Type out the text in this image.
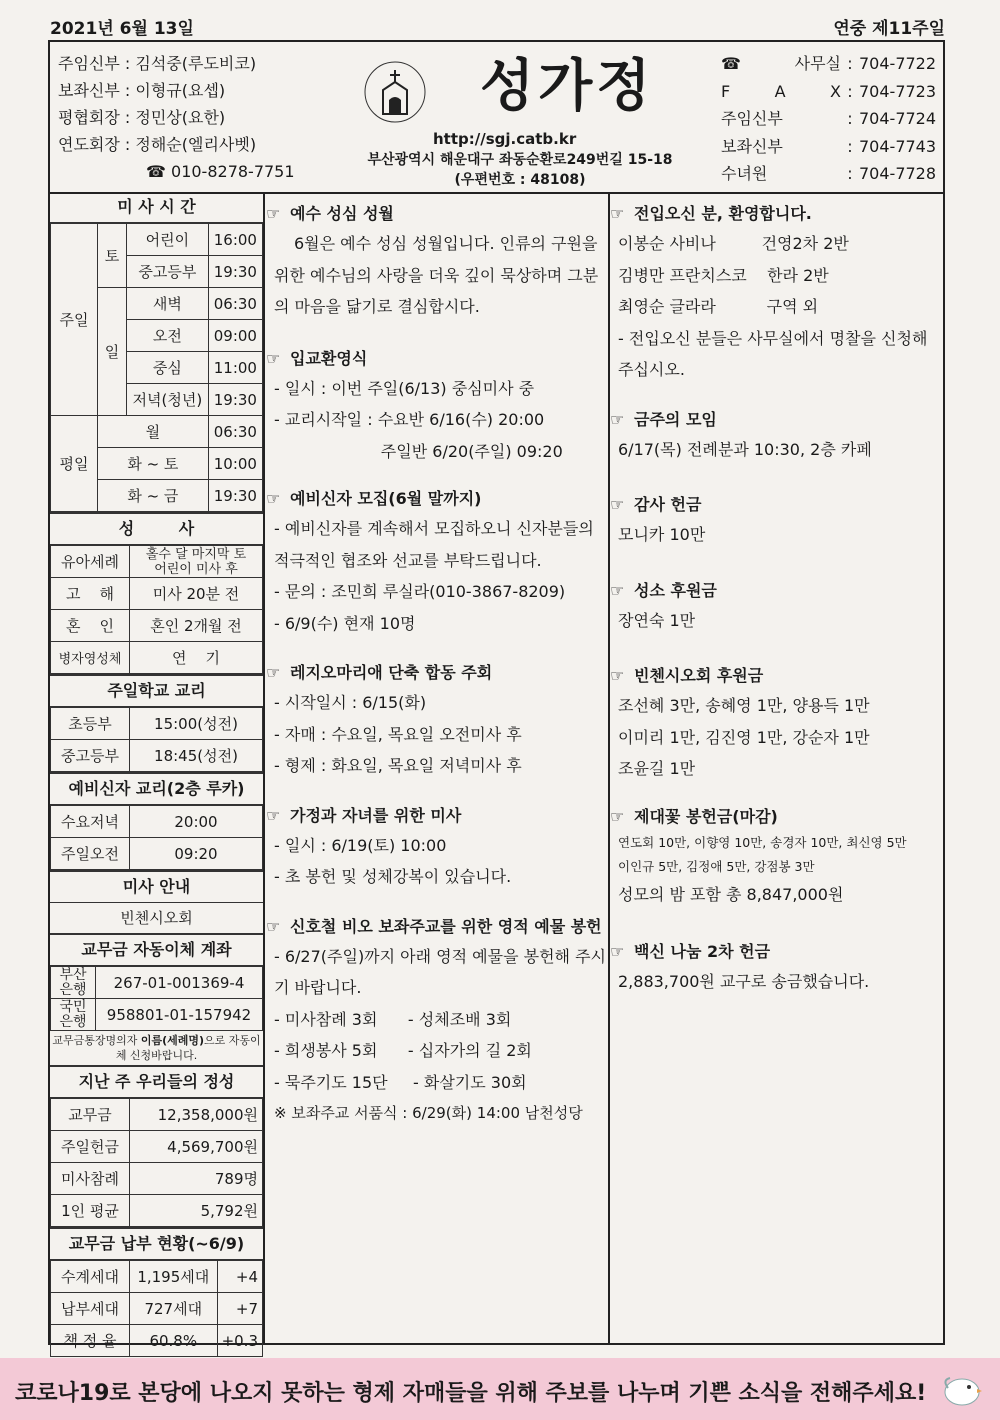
2021년 6월 13일	연중 제11주일
주임신부 : 김석중(루도비코)
보좌신부 : 이형규(요셉)
평협회장 : 정민상(요한)
연도회장 : 정해순(엘리사벳)
☎ 010-8278-7751
성가정
http://sgj.catb.kr
부산광역시 해운대구 좌동순환로249번길 15-18
(우편번호 : 48108)
☎ 사무실 : 704-7722
F A X : 704-7723
주임신부	: 704-7724
보좌신부	: 704-7743
수녀원	: 704-7728
미 사 시 간
주일	토	어린이	16:00
		중고등부	19:30
	일	새벽	06:30
		오전	09:00
		중심	11:00
		저녁(청년)	19:30
평일	월		06:30
	화 ~ 토		10:00
	화 ~ 금		19:30
성        사
유아세례	홀수 달 마지막 토
어린이 미사 후
고    해	미사 20분 전
혼    인	혼인 2개월 전
병자영성체	연    기
주일학교 교리
초등부	15:00(성전)
중고등부	18:45(성전)
예비신자 교리(2층 루카)
수요저녁	20:00
주일오전	09:20
미사 안내
빈첸시오회
교무금 자동이체 계좌
부산
은행	267-01-001369-4
국민
은행	958801-01-157942
교무금통장명의자 이름(세례명)으로 자동이체 신청바랍니다.
지난 주 우리들의 정성
교무금	12,358,000원
주일헌금	4,569,700원
미사참례	789명
1인 평균	5,792원
교무금 납부 현황(~6/9)
수계세대	1,195세대	+4
납부세대	727세대	+7
책 정 율	60.8%	+0.3
☞ 예수 성심 성월
6월은 예수 성심 성월입니다. 인류의 구원을 위한 예수님의 사랑을 더욱 깊이 묵상하며 그분의 마음을 닮기로 결심합시다.
☞ 입교환영식
- 일시 : 이번 주일(6/13) 중심미사 중
- 교리시작일 : 수요반 6/16(수) 20:00
주일반 6/20(주일) 09:20
☞ 예비신자 모집(6월 말까지)
- 예비신자를 계속해서 모집하오니 신자분들의 적극적인 협조와 선교를 부탁드립니다.
- 문의 : 조민희 루실라(010-3867-8209)
- 6/9(수) 현재 10명
☞ 레지오마리애 단축 합동 주회
- 시작일시 : 6/15(화)
- 자매 : 수요일, 목요일 오전미사 후
- 형제 : 화요일, 목요일 저녁미사 후
☞ 가정과 자녀를 위한 미사
- 일시 : 6/19(토) 10:00
- 초 봉헌 및 성체강복이 있습니다.
☞ 신호철 비오 보좌주교를 위한 영적 예물 봉헌
- 6/27(주일)까지 아래 영적 예물을 봉헌해 주시기 바랍니다.
- 미사참례 3회      - 성체조배 3회
- 희생봉사 5회      - 십자가의 길 2회
- 묵주기도 15단     - 화살기도 30회
※ 보좌주교 서품식 : 6/29(화) 14:00 남천성당
☞ 전입오신 분, 환영합니다.
이봉순 사비나         건영2차 2반
김병만 프란치스코    한라 2반
최영순 글라라          구역 외
- 전입오신 분들은 사무실에서 명찰을 신청해 주십시오.
☞ 금주의 모임
6/17(목) 전례분과 10:30, 2층 카페
☞ 감사 헌금
모니카 10만
☞ 성소 후원금
장연숙 1만
☞ 빈첸시오회 후원금
조선혜 3만, 송혜영 1만, 양용득 1만
이미리 1만, 김진영 1만, 강순자 1만
조윤길 1만
☞ 제대꽃 봉헌금(마감)
연도회 10만, 이향영 10만, 송경자 10만, 최신영 5만
이인규 5만, 김정애 5만, 강점봉 3만
성모의 밤 포함 총 8,847,000원
☞ 백신 나눔 2차 헌금
2,883,700원 교구로 송금했습니다.
코로나19로 본당에 나오지 못하는 형제 자매들을 위해 주보를 나누며 기쁜 소식을 전해주세요!
